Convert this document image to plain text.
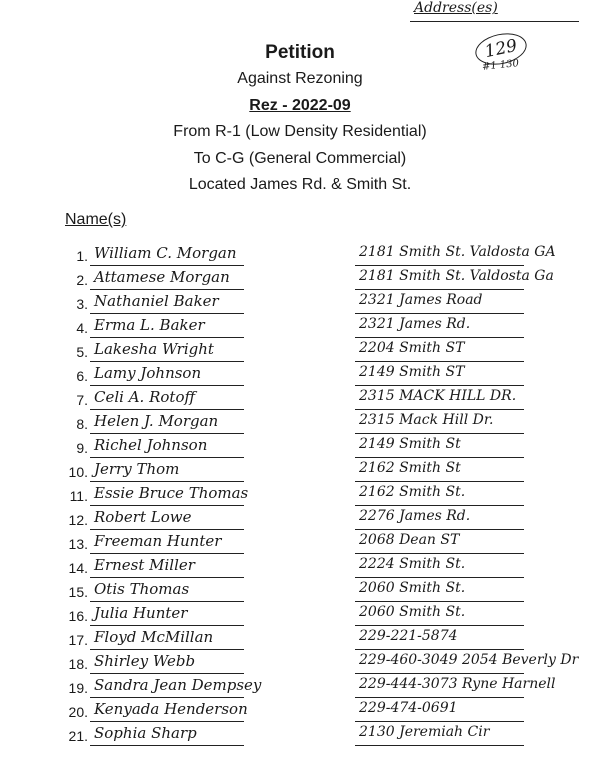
Petition
Against Rezoning
Rez - 2022-09
From R-1 (Low Density Residential)
To C-G (General Commercial)
Located James Rd. & Smith St.
129
#1 130
Name(s)
Address(es)
1. William C. Morgan	2181 Smith St. Valdosta GA
2. Attamese Morgan	2181 Smith St. Valdosta Ga
3. Nathaniel Baker	2321 James Road
4. Erma L. Baker	2321 James Rd.
5. Lakesha Wright	2204 Smith ST
6. Lamy Johnson	2149 Smith ST
7. Celi A. Rotoff	2315 MACK HILL DR.
8. Helen J. Morgan	2315 Mack Hill Dr.
9. Richel Johnson	2149 Smith St
10. Jerry Thom	2162 Smith St
11. Essie Bruce Thomas	2162 Smith St.
12. Robert Lowe	2276 James Rd.
13. Freeman Hunter	2068 Dean ST
14. Ernest Miller	2224 Smith St.
15. Otis Thomas	2060 Smith St.
16. Julia Hunter	2060 Smith St.
17. Floyd McMillan	229-221-5874
18. Shirley Webb	229-460-3049 2054 Beverly Dr
19. Sandra Jean Dempsey	229-444-3073 Ryne Harnell
20. Kenyada Henderson	229-474-0691
21. Sophia Sharp	2130 Jeremiah Cir
